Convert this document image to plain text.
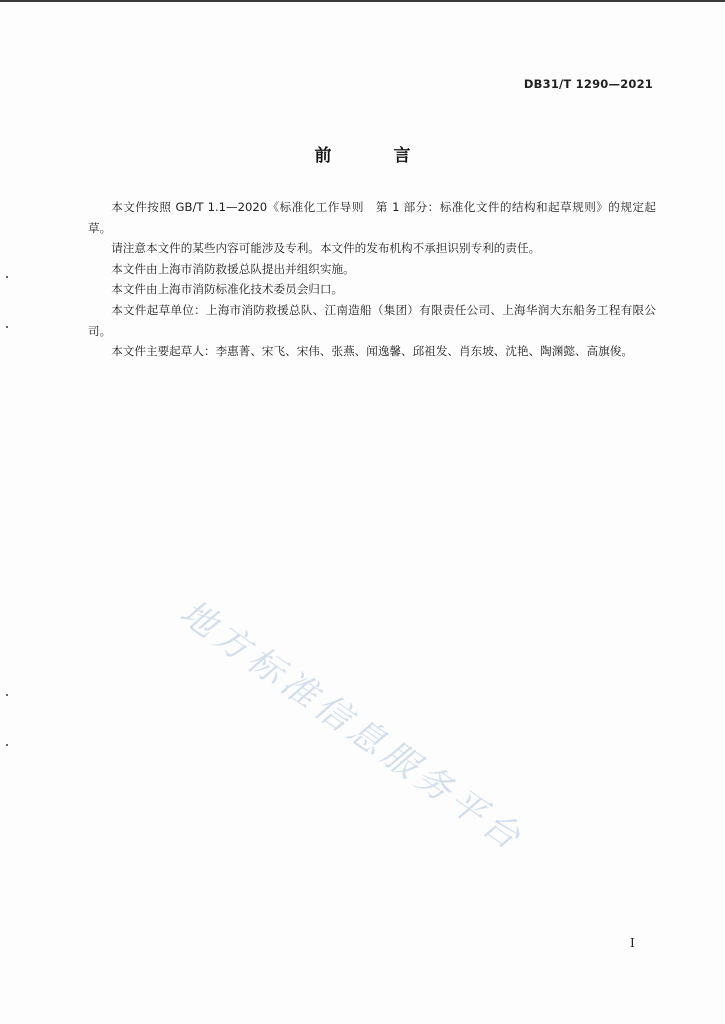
DB31/T 1290—2021
前 言

本文件按照 GB/T 1.1—2020《标准化工作导则　第 1 部分：标准化文件的结构和起草规则》的规定起草。

请注意本文件的某些内容可能涉及专利。本文件的发布机构不承担识别专利的责任。

本文件由上海市消防救援总队提出并组织实施。

本文件由上海市消防标准化技术委员会归口。

本文件起草单位：上海市消防救援总队、江南造船（集团）有限责任公司、上海华润大东船务工程有限公司。

本文件主要起草人：李惠菁、宋飞、宋伟、张燕、闻逸馨、邱祖发、肖东坡、沈艳、陶渊懿、高旗俊。

地方标准信息服务平台
I
